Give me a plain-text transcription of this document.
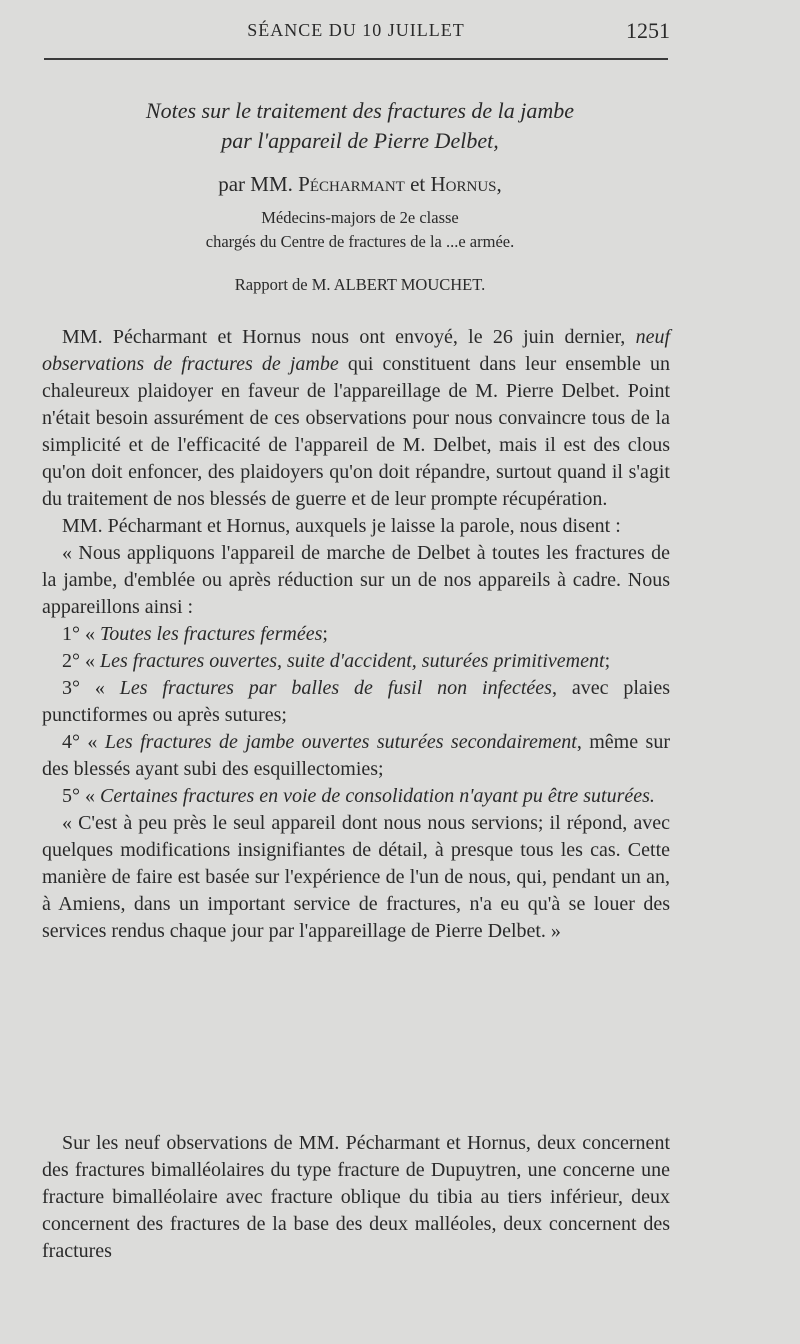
SÉANCE DU 10 JUILLET	1251
Notes sur le traitement des fractures de la jambe
par l'appareil de Pierre Delbet,
par MM. Pécharmant et Hornus,
Médecins-majors de 2e classe
chargés du Centre de fractures de la ...e armée.
Rapport de M. ALBERT MOUCHET.

MM. Pécharmant et Hornus nous ont envoyé, le 26 juin dernier, neuf observations de fractures de jambe qui constituent dans leur ensemble un chaleureux plaidoyer en faveur de l'appareillage de M. Pierre Delbet. Point n'était besoin assurément de ces observations pour nous convaincre tous de la simplicité et de l'efficacité de l'appareil de M. Delbet, mais il est des clous qu'on doit enfoncer, des plaidoyers qu'on doit répandre, surtout quand il s'agit du traitement de nos blessés de guerre et de leur prompte récupération.

MM. Pécharmant et Hornus, auxquels je laisse la parole, nous disent :

« Nous appliquons l'appareil de marche de Delbet à toutes les fractures de la jambe, d'emblée ou après réduction sur un de nos appareils à cadre. Nous appareillons ainsi :

1° « Toutes les fractures fermées;

2° « Les fractures ouvertes, suite d'accident, suturées primitivement;

3° « Les fractures par balles de fusil non infectées, avec plaies punctiformes ou après sutures;

4° « Les fractures de jambe ouvertes suturées secondairement, même sur des blessés ayant subi des esquillectomies;

5° « Certaines fractures en voie de consolidation n'ayant pu être suturées.

« C'est à peu près le seul appareil dont nous nous servions; il répond, avec quelques modifications insignifiantes de détail, à presque tous les cas. Cette manière de faire est basée sur l'expérience de l'un de nous, qui, pendant un an, à Amiens, dans un important service de fractures, n'a eu qu'à se louer des services rendus chaque jour par l'appareillage de Pierre Delbet. »

Sur les neuf observations de MM. Pécharmant et Hornus, deux concernent des fractures bimalléolaires du type fracture de Dupuytren, une concerne une fracture bimalléolaire avec fracture oblique du tibia au tiers inférieur, deux concernent des fractures de la base des deux malléoles, deux concernent des fractures
